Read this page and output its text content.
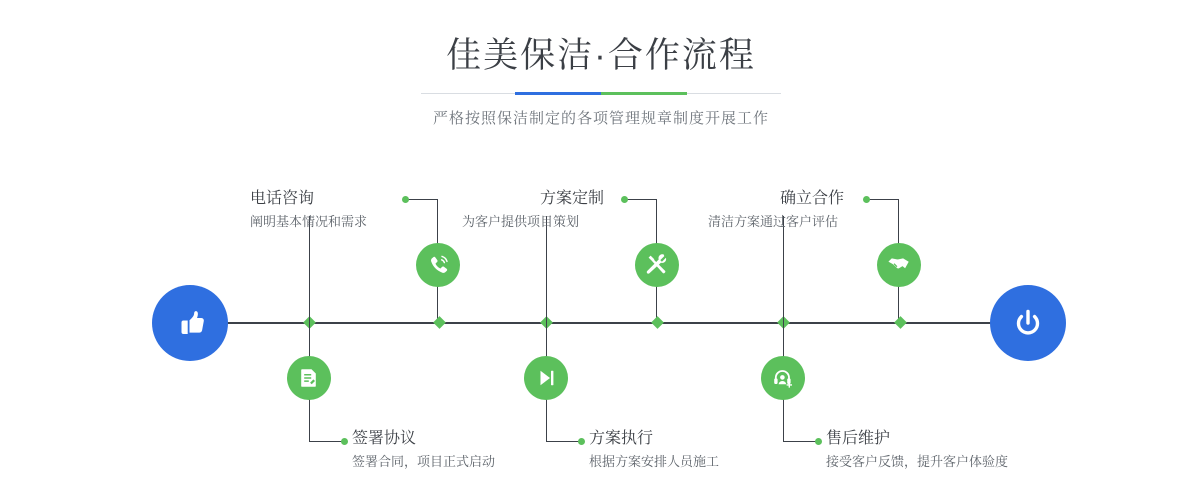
佳美保洁·合作流程

严格按照保洁制定的各项管理规章制度开展工作

电话咨询
阐明基本情况和需求
签署协议
签署合同，项目正式启动
方案定制
为客户提供项目策划
方案执行
根据方案安排人员施工
确立合作
清洁方案通过客户评估
售后维护
接受客户反馈，提升客户体验度
